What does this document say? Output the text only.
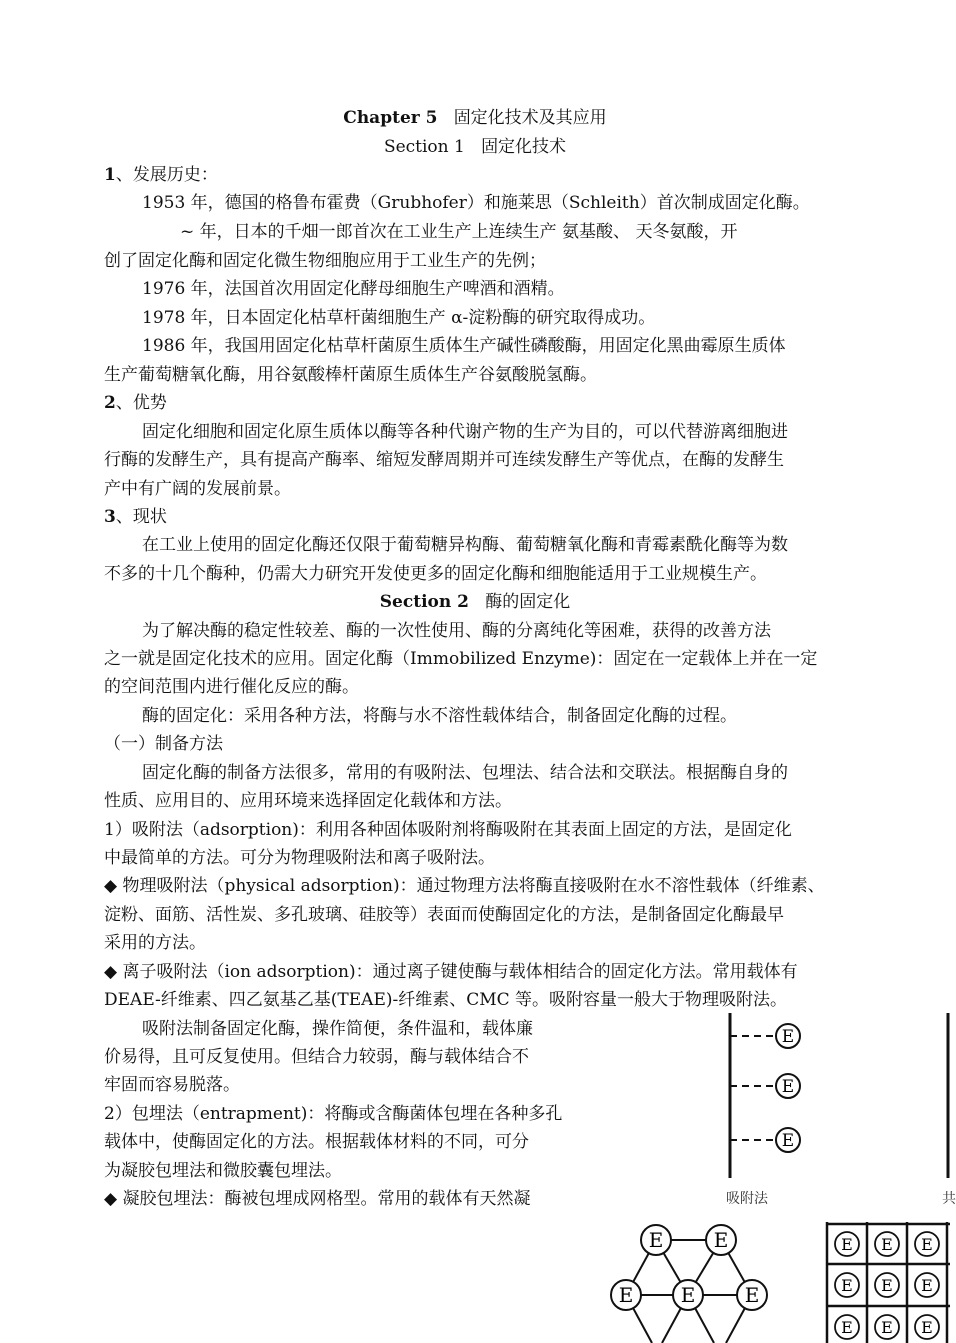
Chapter 5 固定化技术及其应用
Section 1 固定化技术
1、发展历史：
1953 年，德国的格鲁布霍费（Grubhofer）和施莱思（Schleith）首次制成固定化酶。
~ 年，日本的千畑一郎首次在工业生产上连续生产 氨基酸、 天冬氨酸，开
创了固定化酶和固定化微生物细胞应用于工业生产的先例；
1976 年，法国首次用固定化酵母细胞生产啤酒和酒精。
1978 年，日本固定化枯草杆菌细胞生产 α-淀粉酶的研究取得成功。
1986 年，我国用固定化枯草杆菌原生质体生产碱性磷酸酶，用固定化黑曲霉原生质体
生产葡萄糖氧化酶，用谷氨酸棒杆菌原生质体生产谷氨酸脱氢酶。
2、优势
固定化细胞和固定化原生质体以酶等各种代谢产物的生产为目的，可以代替游离细胞进
行酶的发酵生产，具有提高产酶率、缩短发酵周期并可连续发酵生产等优点，在酶的发酵生
产中有广阔的发展前景。
3、现状
在工业上使用的固定化酶还仅限于葡萄糖异构酶、葡萄糖氧化酶和青霉素酰化酶等为数
不多的十几个酶种，仍需大力研究开发使更多的固定化酶和细胞能适用于工业规模生产。
Section 2 酶的固定化
为了解决酶的稳定性较差、酶的一次性使用、酶的分离纯化等困难，获得的改善方法
之一就是固定化技术的应用。固定化酶（Immobilized Enzyme)：固定在一定载体上并在一定
的空间范围内进行催化反应的酶。
酶的固定化：采用各种方法，将酶与水不溶性载体结合，制备固定化酶的过程。
（一）制备方法
固定化酶的制备方法很多，常用的有吸附法、包埋法、结合法和交联法。根据酶自身的
性质、应用目的、应用环境来选择固定化载体和方法。
1）吸附法（adsorption)：利用各种固体吸附剂将酶吸附在其表面上固定的方法，是固定化
中最简单的方法。可分为物理吸附法和离子吸附法。
◆ 物理吸附法（physical adsorption)：通过物理方法将酶直接吸附在水不溶性载体（纤维素、
淀粉、面筋、活性炭、多孔玻璃、硅胶等）表面而使酶固定化的方法，是制备固定化酶最早
采用的方法。
◆ 离子吸附法（ion adsorption)：通过离子键使酶与载体相结合的固定化方法。常用载体有
DEAE-纤维素、四乙氨基乙基(TEAE)-纤维素、CMC 等。吸附容量一般大于物理吸附法。
吸附法制备固定化酶，操作简便，条件温和，载体廉
价易得，且可反复使用。但结合力较弱，酶与载体结合不
牢固而容易脱落。
2）包埋法（entrapment)：将酶或含酶菌体包埋在各种多孔
载体中，使酶固定化的方法。根据载体材料的不同，可分
为凝胶包埋法和微胶囊包埋法。
◆ 凝胶包埋法：酶被包埋成网格型。常用的载体有天然凝
E
E
E
吸附法	共
E	E
E E E
E E E
E E E
E E E
